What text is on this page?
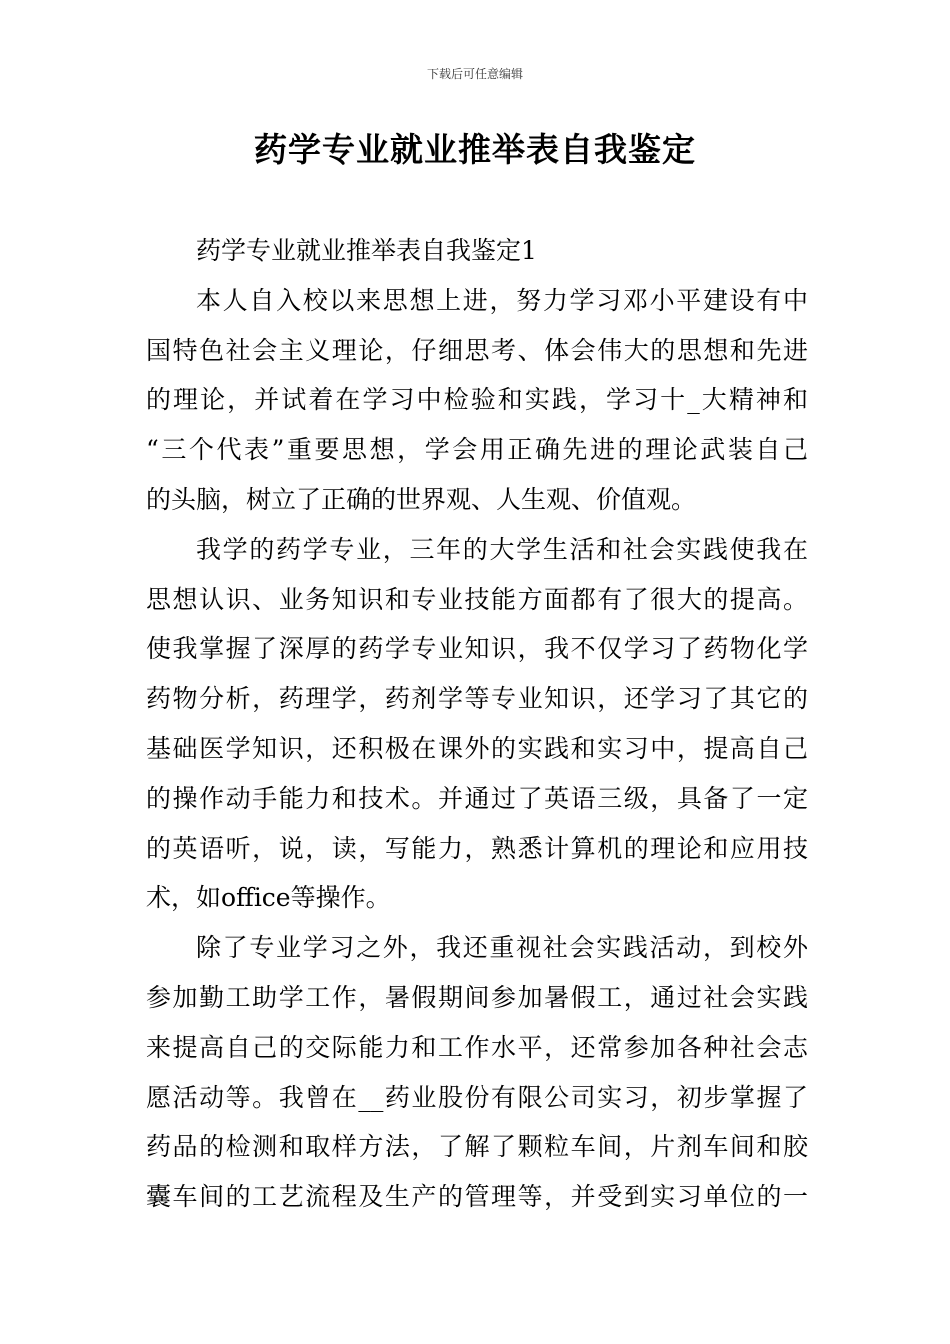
下载后可任意编辑
药学专业就业推举表自我鉴定
药学专业就业推举表自我鉴定1
本人自入校以来思想上进，努力学习邓小平建设有中
国特色社会主义理论，仔细思考、体会伟大的思想和先进
的理论，并试着在学习中检验和实践，学习十_大精神和
“三个代表”重要思想，学会用正确先进的理论武装自己
的头脑，树立了正确的世界观、人生观、价值观。
我学的药学专业，三年的大学生活和社会实践使我在
思想认识、业务知识和专业技能方面都有了很大的提高。
使我掌握了深厚的药学专业知识，我不仅学习了药物化学
药物分析，药理学，药剂学等专业知识，还学习了其它的
基础医学知识，还积极在课外的实践和实习中，提高自己
的操作动手能力和技术。并通过了英语三级，具备了一定
的英语听，说，读，写能力，熟悉计算机的理论和应用技
术，如office等操作。
除了专业学习之外，我还重视社会实践活动，到校外
参加勤工助学工作，暑假期间参加暑假工，通过社会实践
来提高自己的交际能力和工作水平，还常参加各种社会志
愿活动等。我曾在__药业股份有限公司实习，初步掌握了
药品的检测和取样方法，了解了颗粒车间，片剂车间和胶
囊车间的工艺流程及生产的管理等，并受到实习单位的一
